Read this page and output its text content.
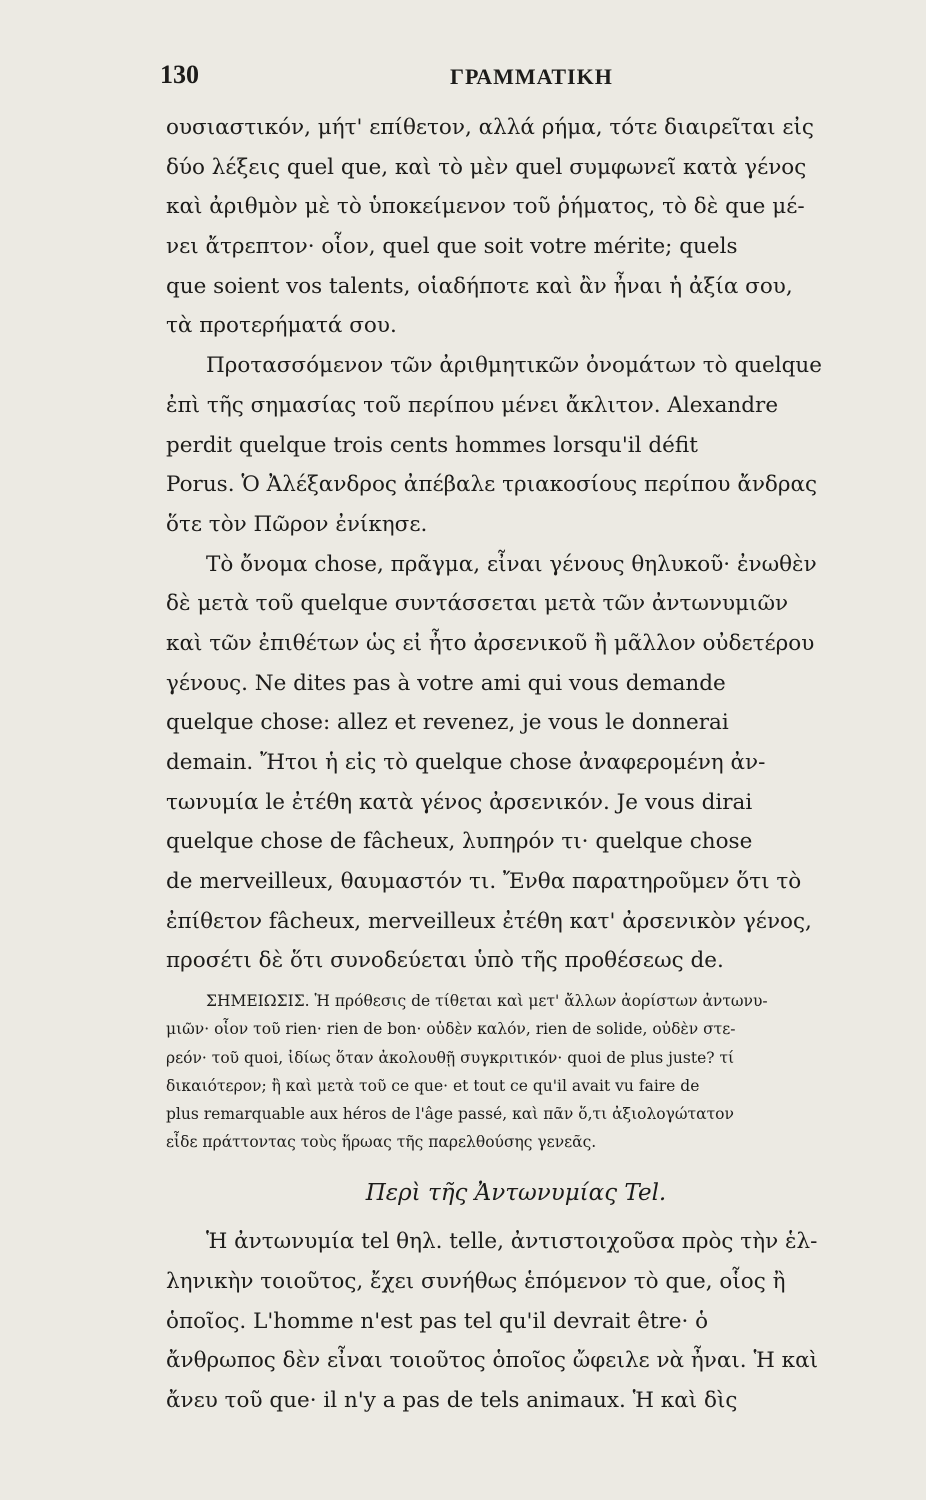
130	ΓΡΑΜΜΑΤΙΚΗ
ουσιαστικόν, μήτ' επίθετον, αλλά ρήμα, τότε διαιρεῖται εἰς
δύο λέξεις quel que, καὶ τὸ μὲν quel συμφωνεῖ κατὰ γένος
καὶ ἀριθμὸν μὲ τὸ ὑποκείμενον τοῦ ῥήματος, τὸ δὲ que μέ-
νει ἄτρεπτον· οἷον, quel que soit votre mérite; quels
que soient vos talents, οἱαδήποτε καὶ ἂν ἦναι ἡ ἀξία σου,
τὰ προτερήματά σου.
Προτασσόμενον τῶν ἀριθμητικῶν ὀνομάτων τὸ quelque
ἐπὶ τῆς σημασίας τοῦ περίπου μένει ἄκλιτον. Alexandre
perdit quelque trois cents hommes lorsqu'il défit
Porus. Ὁ Ἀλέξανδρος ἀπέβαλε τριακοσίους περίπου ἄνδρας
ὅτε τὸν Πῶρον ἐνίκησε.
Τὸ ὄνομα chose, πρᾶγμα, εἶναι γένους θηλυκοῦ· ἐνωθὲν
δὲ μετὰ τοῦ quelque συντάσσεται μετὰ τῶν ἀντωνυμιῶν
καὶ τῶν ἐπιθέτων ὡς εἰ ἦτο ἀρσενικοῦ ἢ μᾶλλον οὐδετέρου
γένους. Ne dites pas à votre ami qui vous demande
quelque chose: allez et revenez, je vous le donnerai
demain. Ἤτοι ἡ εἰς τὸ quelque chose ἀναφερομένη ἀν-
τωνυμία le ἐτέθη κατὰ γένος ἀρσενικόν. Je vous dirai
quelque chose de fâcheux, λυπηρόν τι· quelque chose
de merveilleux, θαυμαστόν τι. Ἔνθα παρατηροῦμεν ὅτι τὸ
ἐπίθετον fâcheux, merveilleux ἐτέθη κατ' ἀρσενικὸν γένος,
προσέτι δὲ ὅτι συνοδεύεται ὑπὸ τῆς προθέσεως de.
ΣΗΜΕΙΩΣΙΣ. Ἡ πρόθεσις de τίθεται καὶ μετ' ἄλλων ἀορίστων ἀντωνυ-
μιῶν· οἷον τοῦ rien· rien de bon· οὐδὲν καλόν, rien de solide, οὐδὲν στε-
ρεόν· τοῦ quoi, ἰδίως ὅταν ἀκολουθῇ συγκριτικόν· quoi de plus juste? τί
δικαιότερον; ἢ καὶ μετὰ τοῦ ce que· et tout ce qu'il avait vu faire de
plus remarquable aux héros de l'âge passé, καὶ πᾶν ὅ,τι ἀξιολογώτατον
εἶδε πράττοντας τοὺς ἥρωας τῆς παρελθούσης γενεᾶς.
Περὶ τῆς Ἀντωνυμίας Tel.
Ἡ ἀντωνυμία tel θηλ. telle, ἀντιστοιχοῦσα πρὸς τὴν ἑλ-
ληνικὴν τοιοῦτος, ἔχει συνήθως ἑπόμενον τὸ que, οἷος ἢ
ὁποῖος. L'homme n'est pas tel qu'il devrait être· ὁ
ἄνθρωπος δὲν εἶναι τοιοῦτος ὁποῖος ὤφειλε νὰ ἦναι. Ἡ καὶ
ἄνευ τοῦ que· il n'y a pas de tels animaux. Ἡ καὶ δὶς
